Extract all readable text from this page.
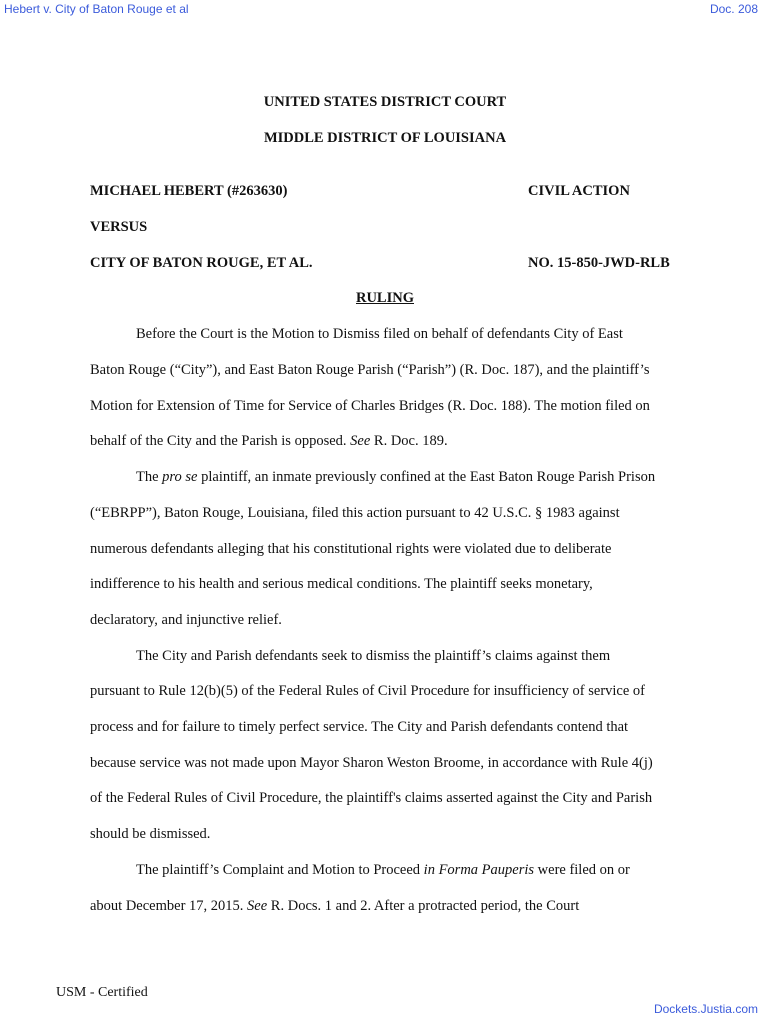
Hebert v. City of Baton Rouge et al	Doc. 208
UNITED STATES DISTRICT COURT
MIDDLE DISTRICT OF LOUISIANA
MICHAEL HEBERT (#263630)	CIVIL ACTION
VERSUS
CITY OF BATON ROUGE, ET AL.	NO. 15-850-JWD-RLB
RULING
Before the Court is the Motion to Dismiss filed on behalf of defendants City of East
Baton Rouge (“City”), and East Baton Rouge Parish (“Parish”) (R. Doc. 187), and the plaintiff’s
Motion for Extension of Time for Service of Charles Bridges (R. Doc. 188). The motion filed on
behalf of the City and the Parish is opposed. See R. Doc. 189.
The pro se plaintiff, an inmate previously confined at the East Baton Rouge Parish Prison
(“EBRPP”), Baton Rouge, Louisiana, filed this action pursuant to 42 U.S.C. § 1983 against
numerous defendants alleging that his constitutional rights were violated due to deliberate
indifference to his health and serious medical conditions. The plaintiff seeks monetary,
declaratory, and injunctive relief.
The City and Parish defendants seek to dismiss the plaintiff’s claims against them
pursuant to Rule 12(b)(5) of the Federal Rules of Civil Procedure for insufficiency of service of
process and for failure to timely perfect service. The City and Parish defendants contend that
because service was not made upon Mayor Sharon Weston Broome, in accordance with Rule 4(j)
of the Federal Rules of Civil Procedure, the plaintiff's claims asserted against the City and Parish
should be dismissed.
The plaintiff’s Complaint and Motion to Proceed in Forma Pauperis were filed on or
about December 17, 2015. See R. Docs. 1 and 2. After a protracted period, the Court
USM - Certified
Dockets.Justia.com
